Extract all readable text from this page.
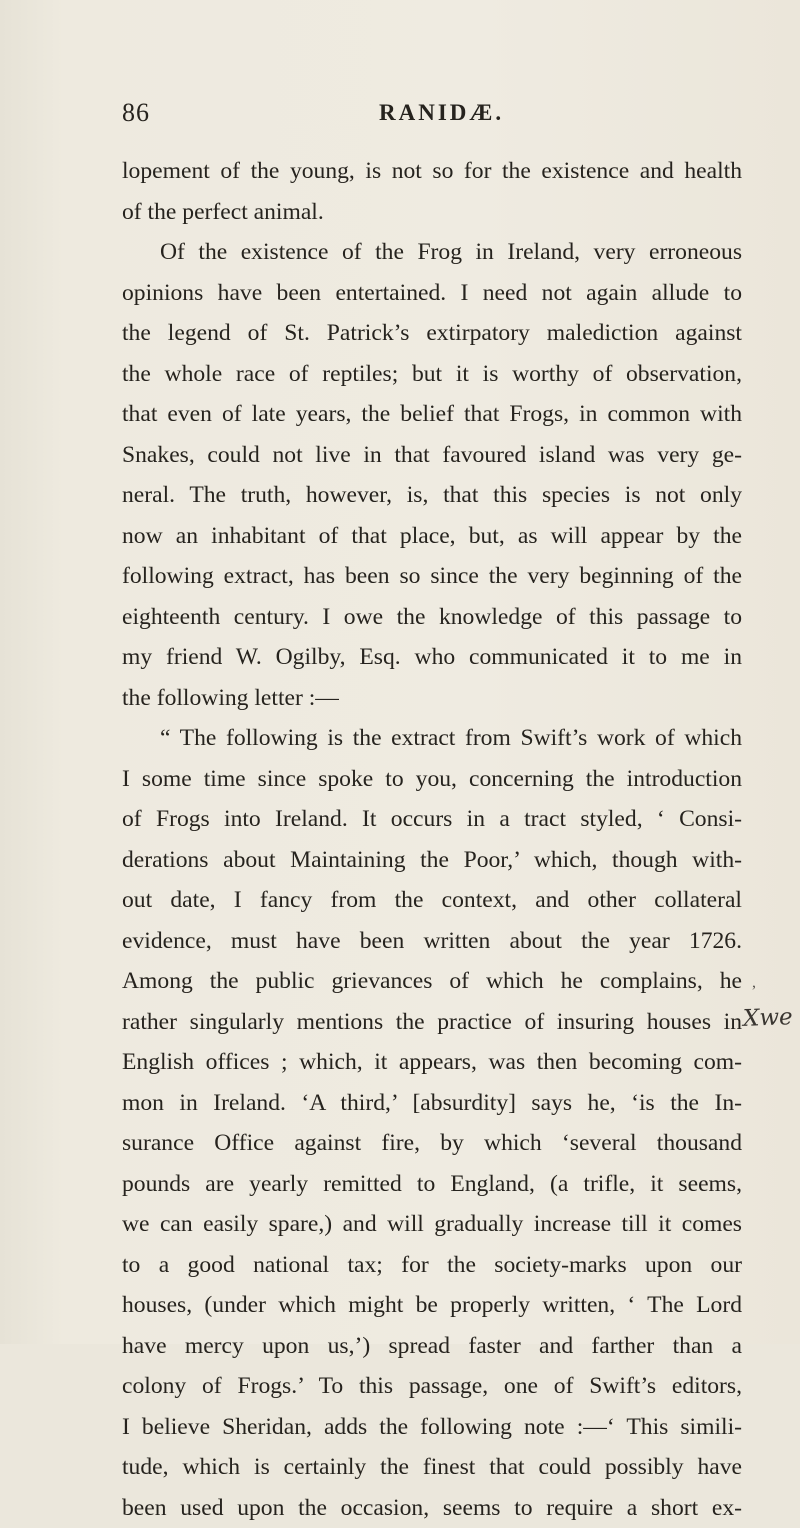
86	RANIDÆ.
lopement of the young, is not so for the existence and health
of the perfect animal.
Of the existence of the Frog in Ireland, very erroneous
opinions have been entertained. I need not again allude to
the legend of St. Patrick’s extirpatory malediction against
the whole race of reptiles; but it is worthy of observation,
that even of late years, the belief that Frogs, in common with
Snakes, could not live in that favoured island was very ge-
neral. The truth, however, is, that this species is not only
now an inhabitant of that place, but, as will appear by the
following extract, has been so since the very beginning of the
eighteenth century. I owe the knowledge of this passage to
my friend W. Ogilby, Esq. who communicated it to me in
the following letter :—
“ The following is the extract from Swift’s work of which
I some time since spoke to you, concerning the introduction
of Frogs into Ireland. It occurs in a tract styled, ‘ Consi-
derations about Maintaining the Poor,’ which, though with-
out date, I fancy from the context, and other collateral
evidence, must have been written about the year 1726.
Among the public grievances of which he complains, he
rather singularly mentions the practice of insuring houses in
English offices ; which, it appears, was then becoming com-
mon in Ireland. ‘A third,’ [absurdity] says he, ‘is the In-
surance Office against fire, by which ‘several thousand
pounds are yearly remitted to England, (a trifle, it seems,
we can easily spare,) and will gradually increase till it comes
to a good national tax; for the society-marks upon our
houses, (under which might be properly written, ‘ The Lord
have mercy upon us,’) spread faster and farther than a
colony of Frogs.’ To this passage, one of Swift’s editors,
I believe Sheridan, adds the following note :—‘ This simili-
tude, which is certainly the finest that could possibly have
been used upon the occasion, seems to require a short ex-
,
Xwe
